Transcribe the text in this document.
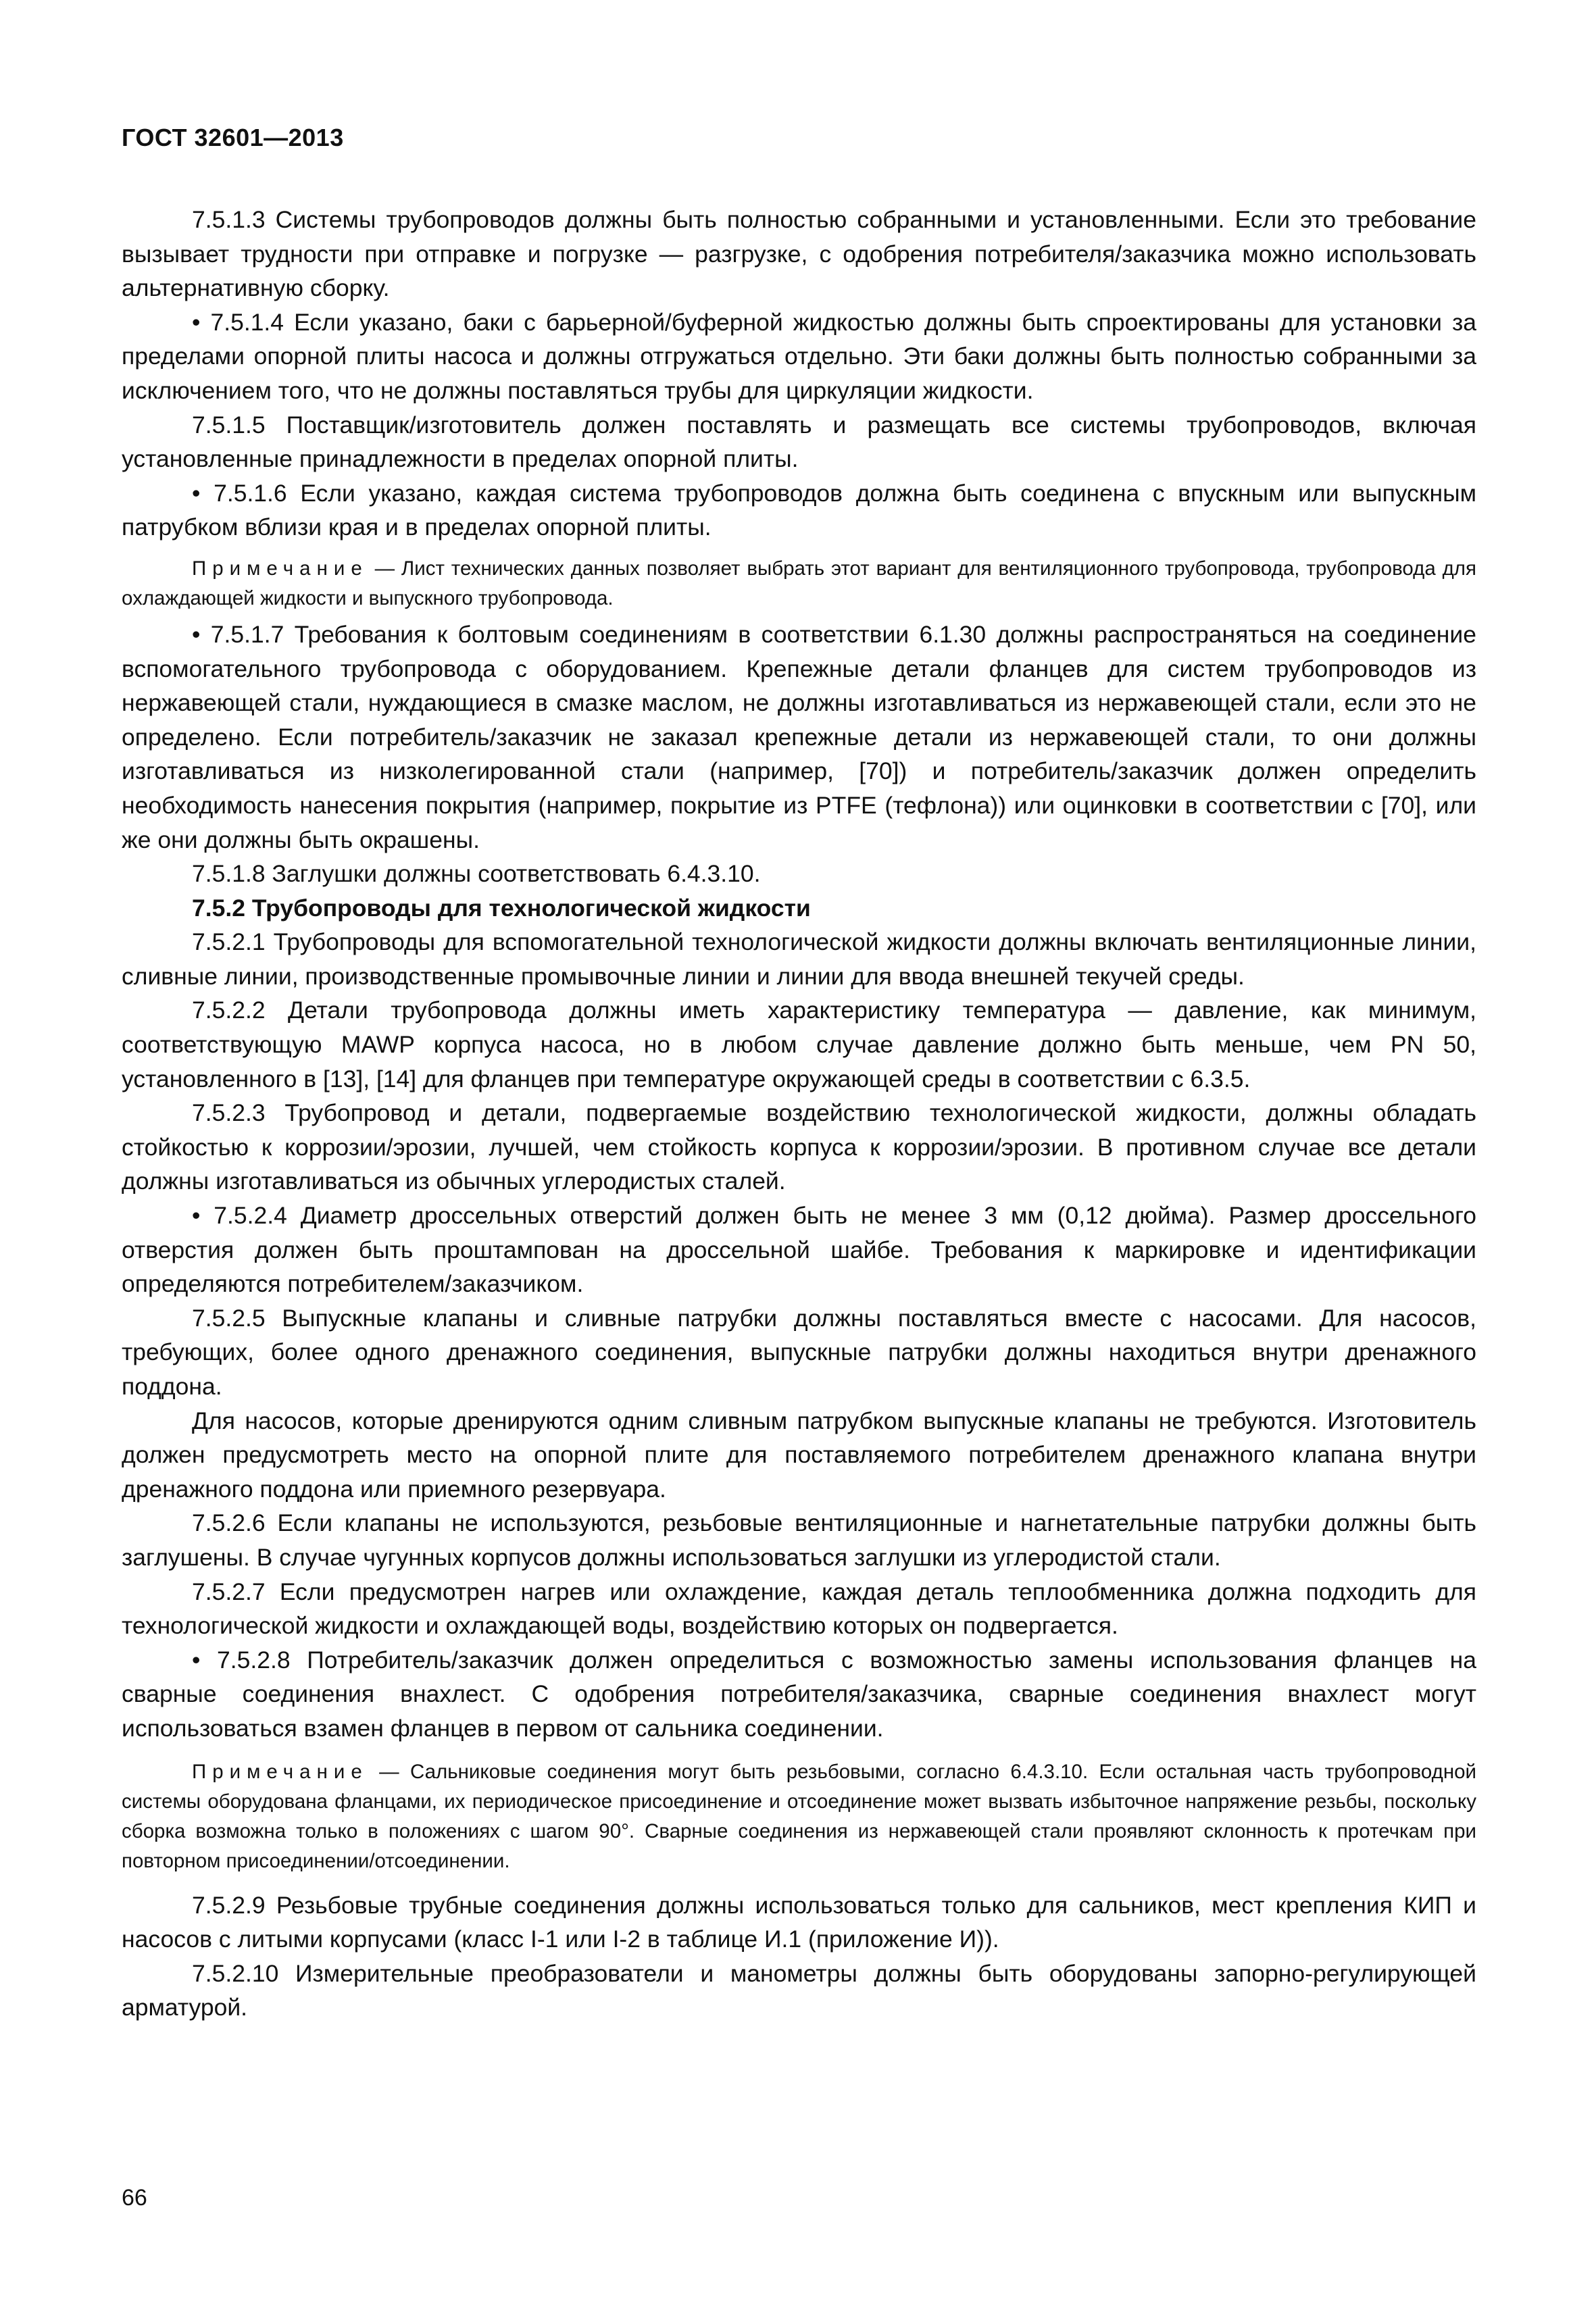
ГОСТ 32601—2013

7.5.1.3 Системы трубопроводов должны быть полностью собранными и установленными. Если это требование вызывает трудности при отправке и погрузке — разгрузке, с одобрения потребителя/заказчика можно использовать альтернативную сборку.

• 7.5.1.4 Если указано, баки с барьерной/буферной жидкостью должны быть спроектированы для установки за пределами опорной плиты насоса и должны отгружаться отдельно. Эти баки должны быть полностью собранными за исключением того, что не должны поставляться трубы для циркуляции жидкости.

7.5.1.5 Поставщик/изготовитель должен поставлять и размещать все системы трубопроводов, включая установленные принадлежности в пределах опорной плиты.

• 7.5.1.6 Если указано, каждая система трубопроводов должна быть соединена с впускным или выпускным патрубком вблизи края и в пределах опорной плиты.

Примечание — Лист технических данных позволяет выбрать этот вариант для вентиляционного трубопровода, трубопровода для охлаждающей жидкости и выпускного трубопровода.

• 7.5.1.7 Требования к болтовым соединениям в соответствии 6.1.30 должны распространяться на соединение вспомогательного трубопровода с оборудованием. Крепежные детали фланцев для систем трубопроводов из нержавеющей стали, нуждающиеся в смазке маслом, не должны изготавливаться из нержавеющей стали, если это не определено. Если потребитель/заказчик не заказал крепежные детали из нержавеющей стали, то они должны изготавливаться из низколегированной стали (например, [70]) и потребитель/заказчик должен определить необходимость нанесения покрытия (например, покрытие из PTFE (тефлона)) или оцинковки в соответствии с [70], или же они должны быть окрашены.

7.5.1.8 Заглушки должны соответствовать 6.4.3.10.

7.5.2 Трубопроводы для технологической жидкости

7.5.2.1 Трубопроводы для вспомогательной технологической жидкости должны включать вентиляционные линии, сливные линии, производственные промывочные линии и линии для ввода внешней текучей среды.

7.5.2.2 Детали трубопровода должны иметь характеристику температура — давление, как минимум, соответствующую MAWP корпуса насоса, но в любом случае давление должно быть меньше, чем PN 50, установленного в [13], [14] для фланцев при температуре окружающей среды в соответствии с 6.3.5.

7.5.2.3 Трубопровод и детали, подвергаемые воздействию технологической жидкости, должны обладать стойкостью к коррозии/эрозии, лучшей, чем стойкость корпуса к коррозии/эрозии. В противном случае все детали должны изготавливаться из обычных углеродистых сталей.

• 7.5.2.4 Диаметр дроссельных отверстий должен быть не менее 3 мм (0,12 дюйма). Размер дроссельного отверстия должен быть проштампован на дроссельной шайбе. Требования к маркировке и идентификации определяются потребителем/заказчиком.

7.5.2.5 Выпускные клапаны и сливные патрубки должны поставляться вместе с насосами. Для насосов, требующих, более одного дренажного соединения, выпускные патрубки должны находиться внутри дренажного поддона.

Для насосов, которые дренируются одним сливным патрубком выпускные клапаны не требуются. Изготовитель должен предусмотреть место на опорной плите для поставляемого потребителем дренажного клапана внутри дренажного поддона или приемного резервуара.

7.5.2.6 Если клапаны не используются, резьбовые вентиляционные и нагнетательные патрубки должны быть заглушены. В случае чугунных корпусов должны использоваться заглушки из углеродистой стали.

7.5.2.7 Если предусмотрен нагрев или охлаждение, каждая деталь теплообменника должна подходить для технологической жидкости и охлаждающей воды, воздействию которых он подвергается.

• 7.5.2.8 Потребитель/заказчик должен определиться с возможностью замены использования фланцев на сварные соединения внахлест. С одобрения потребителя/заказчика, сварные соединения внахлест могут использоваться взамен фланцев в первом от сальника соединении.

Примечание — Сальниковые соединения могут быть резьбовыми, согласно 6.4.3.10. Если остальная часть трубопроводной системы оборудована фланцами, их периодическое присоединение и отсоединение может вызвать избыточное напряжение резьбы, поскольку сборка возможна только в положениях с шагом 90°. Сварные соединения из нержавеющей стали проявляют склонность к протечкам при повторном присоединении/отсоединении.

7.5.2.9 Резьбовые трубные соединения должны использоваться только для сальников, мест крепления КИП и насосов с литыми корпусами (класс I-1 или I-2 в таблице И.1 (приложение И)).

7.5.2.10 Измерительные преобразователи и манометры должны быть оборудованы запорно-регулирующей арматурой.

66
